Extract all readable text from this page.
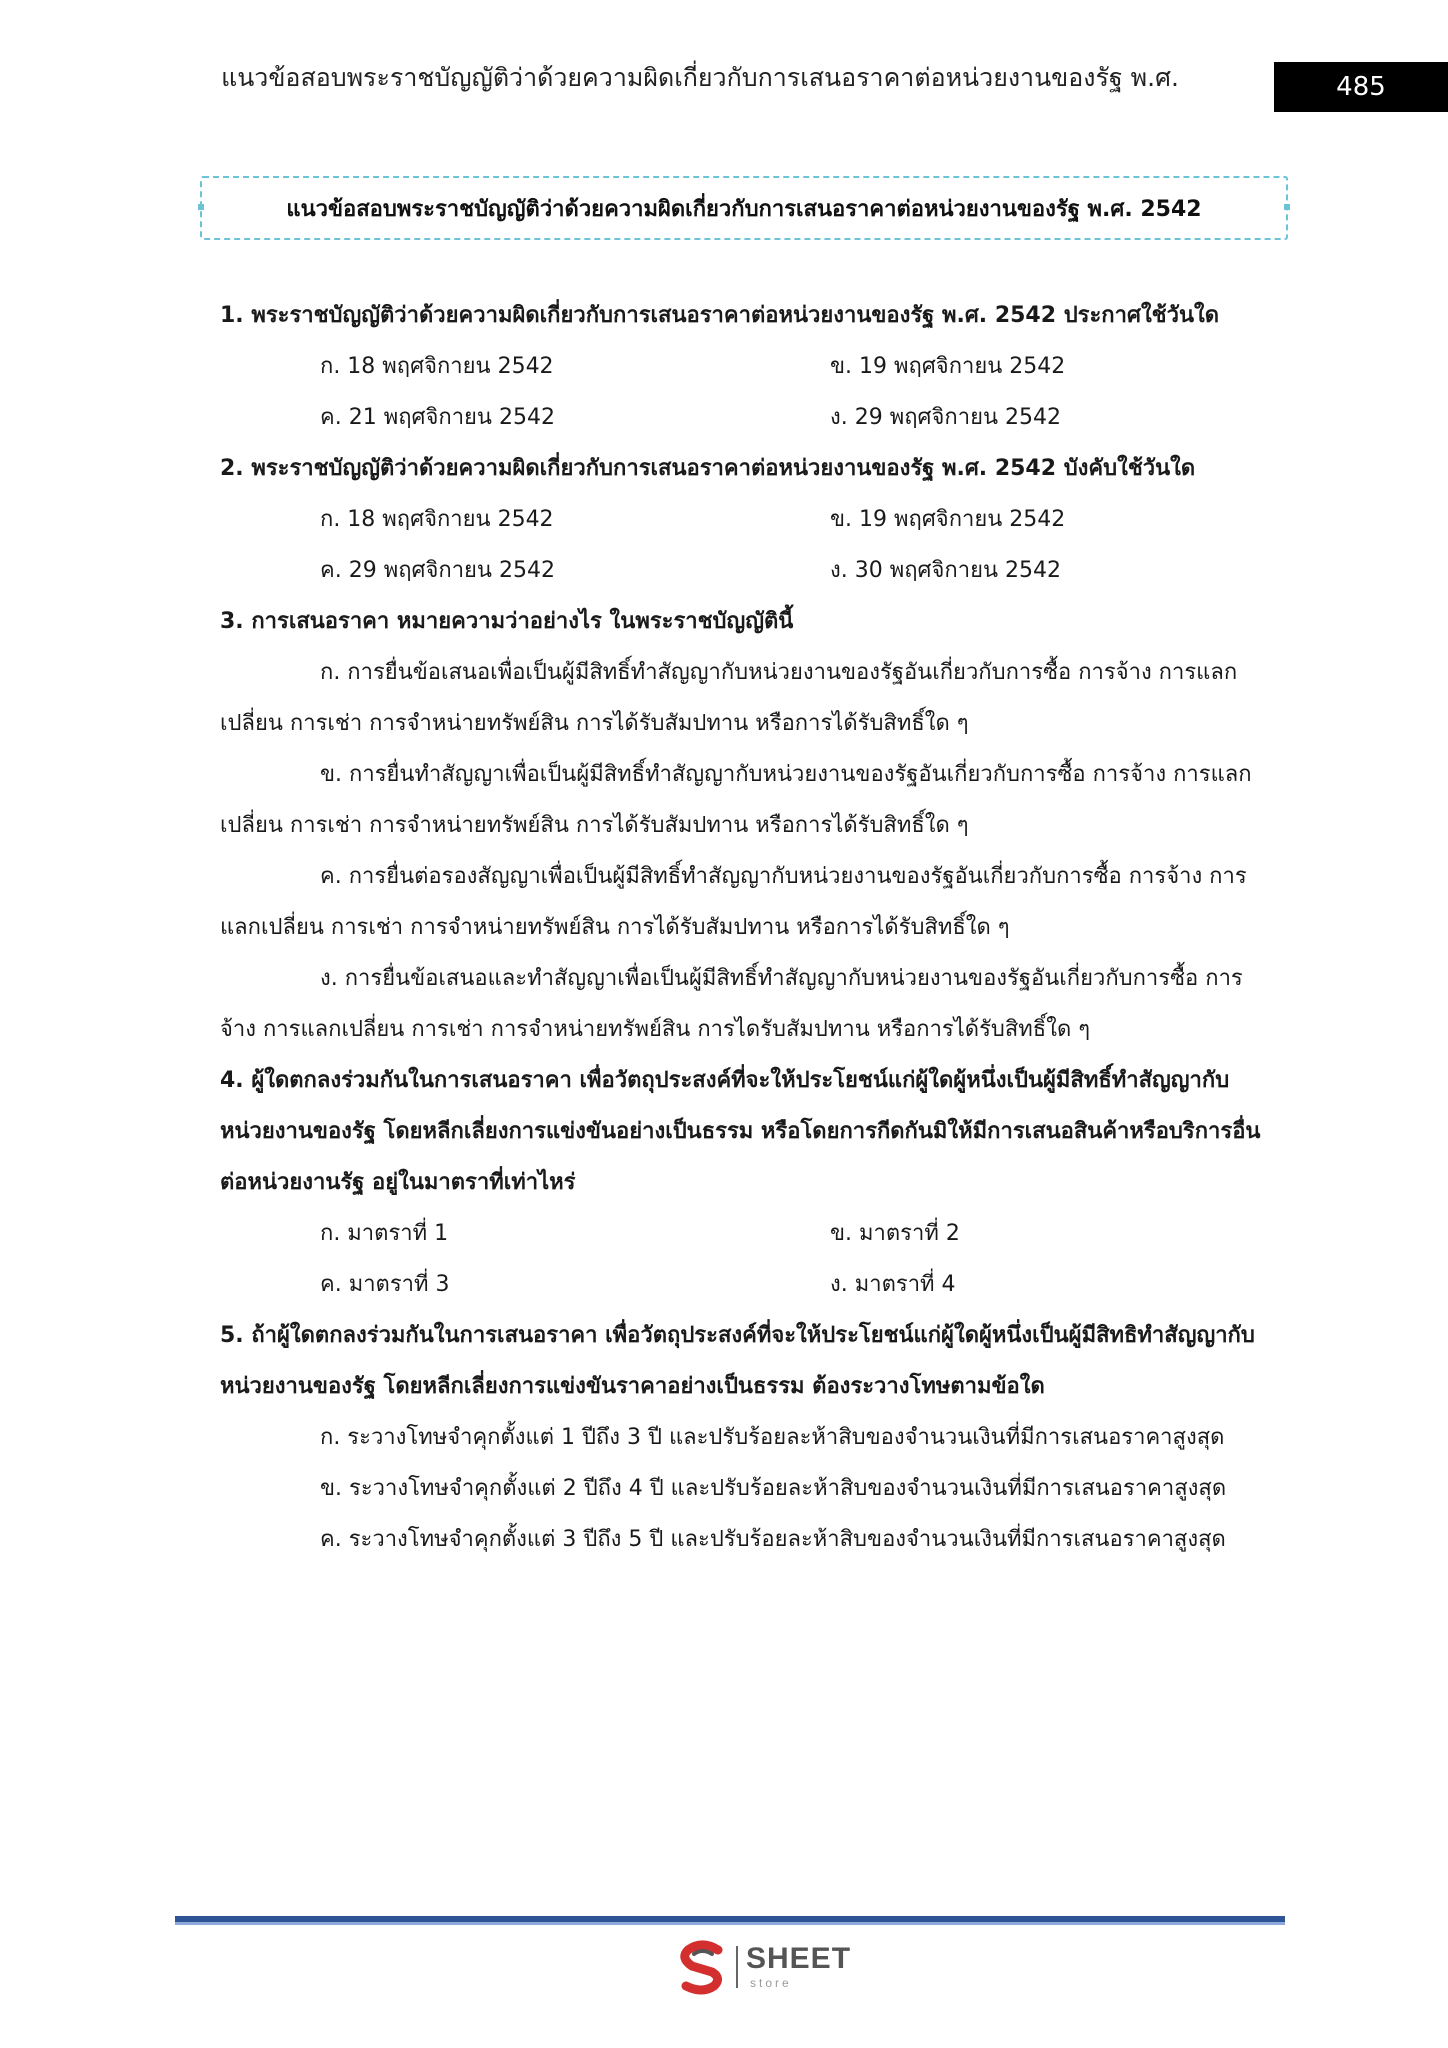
แนวข้อสอบพระราชบัญญัติว่าด้วยความผิดเกี่ยวกับการเสนอราคาต่อหน่วยงานของรัฐ พ.ศ.	485
แนวข้อสอบพระราชบัญญัติว่าด้วยความผิดเกี่ยวกับการเสนอราคาต่อหน่วยงานของรัฐ พ.ศ. 2542
1. พระราชบัญญัติว่าด้วยความผิดเกี่ยวกับการเสนอราคาต่อหน่วยงานของรัฐ พ.ศ. 2542 ประกาศใช้วันใด
ก. 18 พฤศจิกายน 2542	ข. 19 พฤศจิกายน 2542
ค. 21 พฤศจิกายน 2542	ง. 29 พฤศจิกายน 2542
2. พระราชบัญญัติว่าด้วยความผิดเกี่ยวกับการเสนอราคาต่อหน่วยงานของรัฐ พ.ศ. 2542 บังคับใช้วันใด
ก. 18 พฤศจิกายน 2542	ข. 19 พฤศจิกายน 2542
ค. 29 พฤศจิกายน 2542	ง. 30 พฤศจิกายน 2542
3. การเสนอราคา หมายความว่าอย่างไร ในพระราชบัญญัตินี้
ก. การยื่นข้อเสนอเพื่อเป็นผู้มีสิทธิ์ทำสัญญากับหน่วยงานของรัฐอันเกี่ยวกับการซื้อ การจ้าง การแลกเปลี่ยน การเช่า การจำหน่ายทรัพย์สิน การได้รับสัมปทาน หรือการได้รับสิทธิ์ใด ๆ
ข. การยื่นทำสัญญาเพื่อเป็นผู้มีสิทธิ์ทำสัญญากับหน่วยงานของรัฐอันเกี่ยวกับการซื้อ การจ้าง การแลกเปลี่ยน การเช่า การจำหน่ายทรัพย์สิน การได้รับสัมปทาน หรือการได้รับสิทธิ์ใด ๆ
ค. การยื่นต่อรองสัญญาเพื่อเป็นผู้มีสิทธิ์ทำสัญญากับหน่วยงานของรัฐอันเกี่ยวกับการซื้อ การจ้าง การแลกเปลี่ยน การเช่า การจำหน่ายทรัพย์สิน การได้รับสัมปทาน หรือการได้รับสิทธิ์ใด ๆ
ง. การยื่นข้อเสนอและทำสัญญาเพื่อเป็นผู้มีสิทธิ์ทำสัญญากับหน่วยงานของรัฐอันเกี่ยวกับการซื้อ การจ้าง การแลกเปลี่ยน การเช่า การจำหน่ายทรัพย์สิน การไดรับสัมปทาน หรือการได้รับสิทธิ์ใด ๆ
4. ผู้ใดตกลงร่วมกันในการเสนอราคา เพื่อวัตถุประสงค์ที่จะให้ประโยชน์แก่ผู้ใดผู้หนึ่งเป็นผู้มีสิทธิ์ทำสัญญากับหน่วยงานของรัฐ โดยหลีกเลี่ยงการแข่งขันอย่างเป็นธรรม หรือโดยการกีดกันมิให้มีการเสนอสินค้าหรือบริการอื่นต่อหน่วยงานรัฐ อยู่ในมาตราที่เท่าไหร่
ก. มาตราที่ 1	ข. มาตราที่ 2
ค. มาตราที่ 3	ง. มาตราที่ 4
5. ถ้าผู้ใดตกลงร่วมกันในการเสนอราคา เพื่อวัตถุประสงค์ที่จะให้ประโยชน์แก่ผู้ใดผู้หนึ่งเป็นผู้มีสิทธิทำสัญญากับหน่วยงานของรัฐ โดยหลีกเลี่ยงการแข่งขันราคาอย่างเป็นธรรม ต้องระวางโทษตามข้อใด
ก. ระวางโทษจำคุกตั้งแต่ 1 ปีถึง 3 ปี และปรับร้อยละห้าสิบของจำนวนเงินที่มีการเสนอราคาสูงสุด
ข. ระวางโทษจำคุกตั้งแต่ 2 ปีถึง 4 ปี และปรับร้อยละห้าสิบของจำนวนเงินที่มีการเสนอราคาสูงสุด
ค. ระวางโทษจำคุกตั้งแต่ 3 ปีถึง 5 ปี และปรับร้อยละห้าสิบของจำนวนเงินที่มีการเสนอราคาสูงสุด
SHEET
store
